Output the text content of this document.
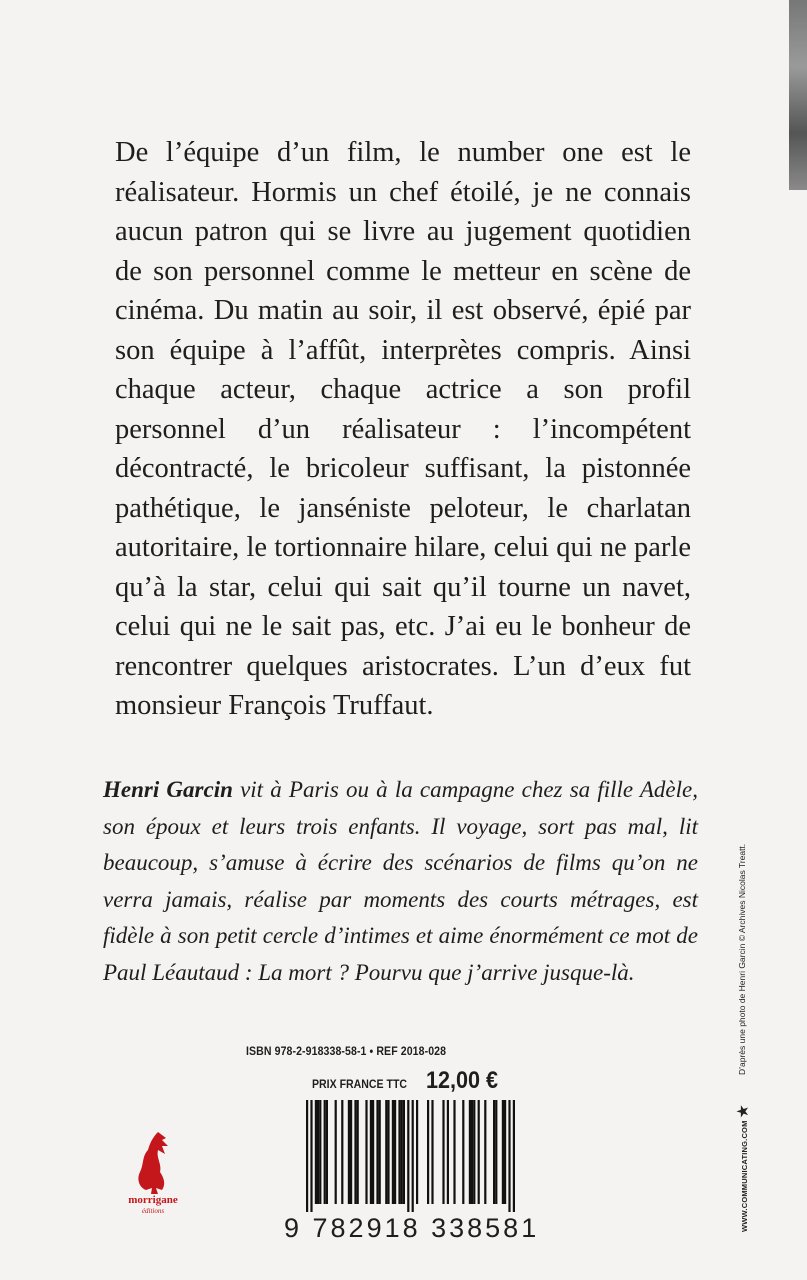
De l’équipe d’un film, le number one est le réalisateur. Hormis un chef étoilé, je ne connais aucun patron qui se livre au jugement quotidien de son personnel comme le metteur en scène de cinéma. Du matin au soir, il est observé, épié par son équipe à l’affût, interprètes compris. Ainsi chaque acteur, chaque actrice a son profil personnel d’un réalisateur : l’incompétent décontracté, le bricoleur suffisant, la pistonnée pathétique, le janséniste peloteur, le charlatan autoritaire, le tortionnaire hilare, celui qui ne parle qu’à la star, celui qui sait qu’il tourne un navet, celui qui ne le sait pas, etc. J’ai eu le bonheur de rencontrer quelques aristocrates. L’un d’eux fut monsieur François Truffaut.
Henri Garcin vit à Paris ou à la campagne chez sa fille Adèle, son époux et leurs trois enfants. Il voyage, sort pas mal, lit beaucoup, s’amuse à écrire des scénarios de films qu’on ne verra jamais, réalise par moments des courts métrages, est fidèle à son petit cercle d’intimes et aime énormément ce mot de Paul Léautaud : La mort ? Pourvu que j’arrive jusque-là.
ISBN 978-2-918338-58-1 • REF 2018-028
PRIX FRANCE TTC 12,00 €
9 782918 338581
morrigane
éditions
D’après une photo de Henri Garcin © Archives Nicolas Treatt.
WWW.COMMUNICATING.COM
★
